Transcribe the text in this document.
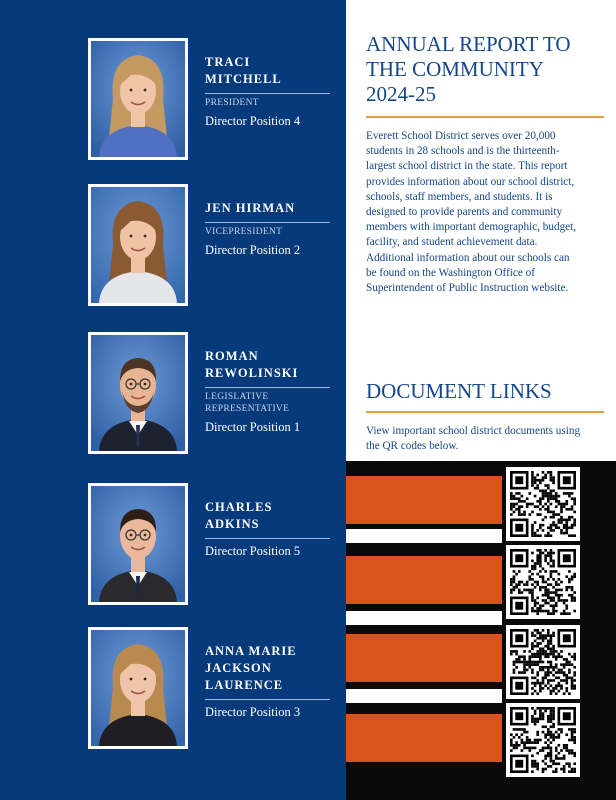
TRACI
MITCHELL
PRESIDENT
Director Position 4
JEN HIRMAN
VICEPRESIDENT
Director Position 2
ROMAN
REWOLINSKI
LEGISLATIVE
REPRESENTATIVE
Director Position 1
CHARLES
ADKINS
Director Position 5
ANNA MARIE
JACKSON
LAURENCE
Director Position 3
ANNUAL REPORT TO
THE COMMUNITY
2024-25
Everett School District serves over 20,000 students in 28 schools and is the thirteenth-largest school district in the state. This report provides information about our school district, schools, staff members, and students. It is designed to provide parents and community members with important demographic, budget, facility, and student achievement data. Additional information about our schools can be found on the Washington Office of Superintendent of Public Instruction website.
DOCUMENT LINKS
View important school district documents using the QR codes below.
